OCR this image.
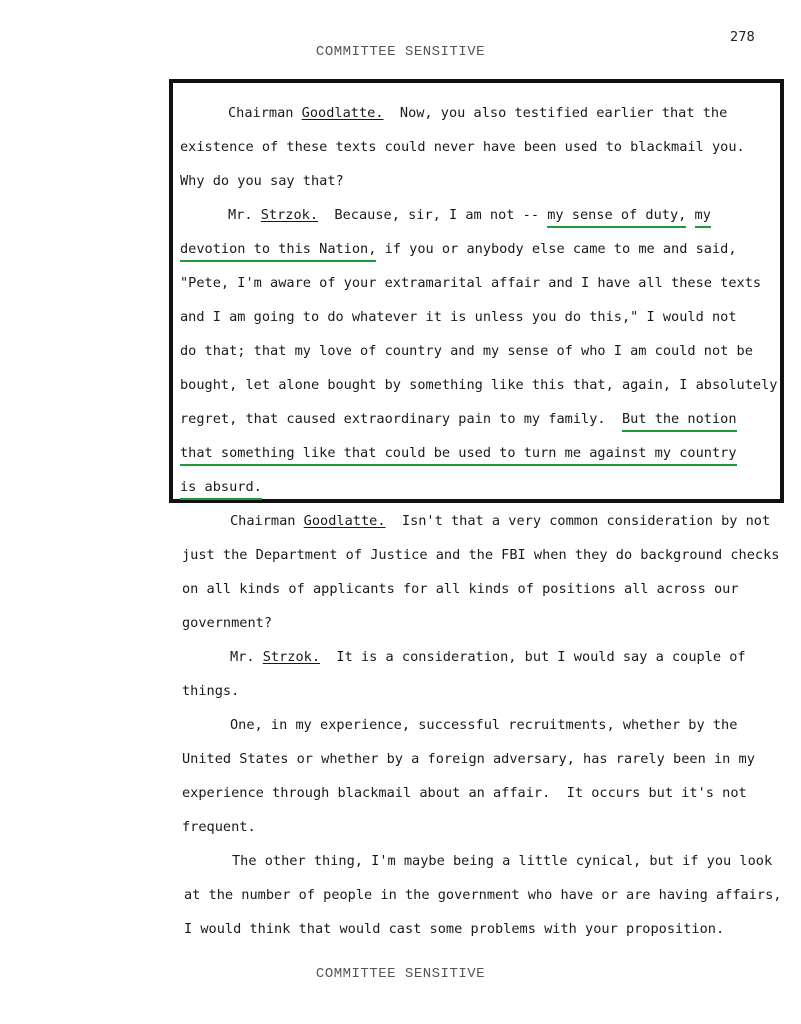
278
COMMITTEE SENSITIVE
Chairman Goodlatte.  Now, you also testified earlier that the
existence of these texts could never have been used to blackmail you.
Why do you say that?
Mr. Strzok.  Because, sir, I am not -- my sense of duty, my
devotion to this Nation, if you or anybody else came to me and said,
"Pete, I'm aware of your extramarital affair and I have all these texts
and I am going to do whatever it is unless you do this," I would not
do that; that my love of country and my sense of who I am could not be
bought, let alone bought by something like this that, again, I absolutely
regret, that caused extraordinary pain to my family.  But the notion
that something like that could be used to turn me against my country
is absurd.
Chairman Goodlatte.  Isn't that a very common consideration by not
just the Department of Justice and the FBI when they do background checks
on all kinds of applicants for all kinds of positions all across our
government?
Mr. Strzok.  It is a consideration, but I would say a couple of
things.
One, in my experience, successful recruitments, whether by the
United States or whether by a foreign adversary, has rarely been in my
experience through blackmail about an affair.  It occurs but it's not
frequent.
The other thing, I'm maybe being a little cynical, but if you look
at the number of people in the government who have or are having affairs,
I would think that would cast some problems with your proposition.
COMMITTEE SENSITIVE
